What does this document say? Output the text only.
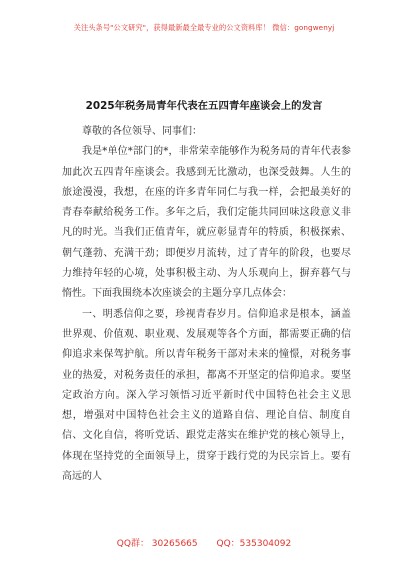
关注头条号"公文研究"，获得最新最全最专业的公文资料库！ 微信：gongwenyj
2025年税务局青年代表在五四青年座谈会上的发言

尊敬的各位领导、同事们：

我是*单位*部门的*，非常荣幸能够作为税务局的青年代表参加此次五四青年座谈会。我感到无比激动，也深受鼓舞。人生的旅途漫漫，我想，在座的许多青年同仁与我一样，会把最美好的青春奉献给税务工作。多年之后，我们定能共同回味这段意义非凡的时光。当我们正值青年，就应彰显青年的特质，积极探索、朝气蓬勃、充满干劲；即便岁月流转，过了青年的阶段，也要尽力维持年轻的心境，处事积极主动、为人乐观向上，摒弃暮气与惰性。下面我围绕本次座谈会的主题分享几点体会：

一、明悉信仰之要，珍视青春岁月。信仰追求是根本，涵盖世界观、价值观、职业观、发展观等各个方面，都需要正确的信仰追求来保驾护航。所以青年税务干部对未来的憧憬，对税务事业的热爱，对税务责任的承担，都离不开坚定的信仰追求。要坚定政治方向。深入学习领悟习近平新时代中国特色社会主义思想，增强对中国特色社会主义的道路自信、理论自信、制度自信、文化自信，将听党话、跟党走落实在维护党的核心领导上，体现在坚持党的全面领导上，贯穿于践行党的为民宗旨上。要有高远的人

QQ群： 30265665 QQ：535304092
